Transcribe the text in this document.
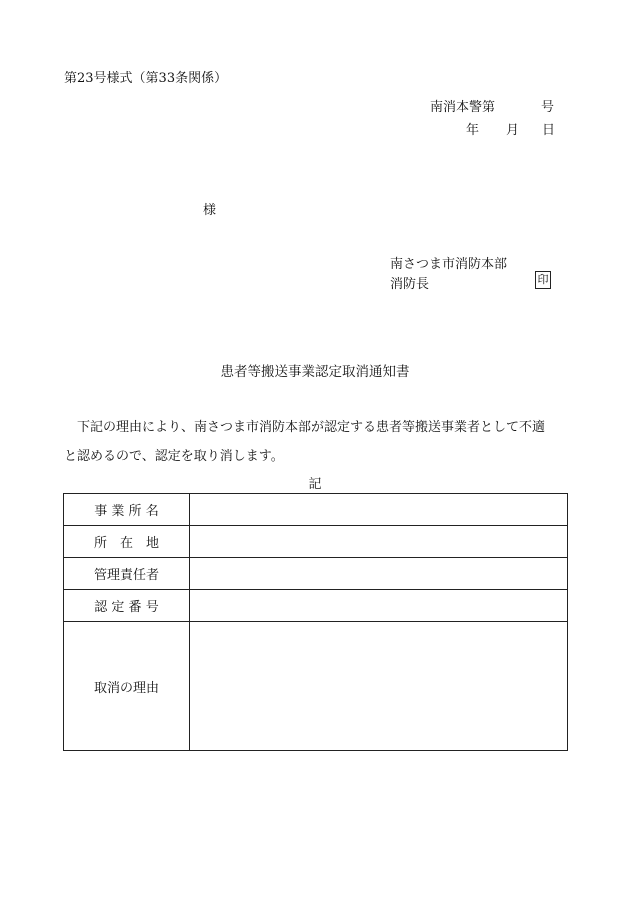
第23号様式（第33条関係）
南消本警第	号
年 月 日
様
南さつま市消防本部
消防長	印
患者等搬送事業認定取消通知書
下記の理由により、南さつま市消防本部が認定する患者等搬送事業者として不適
と認めるので、認定を取り消します。
記
事 業 所 名	
所　在　地	
管理責任者	
認 定 番 号	
取消の理由	
